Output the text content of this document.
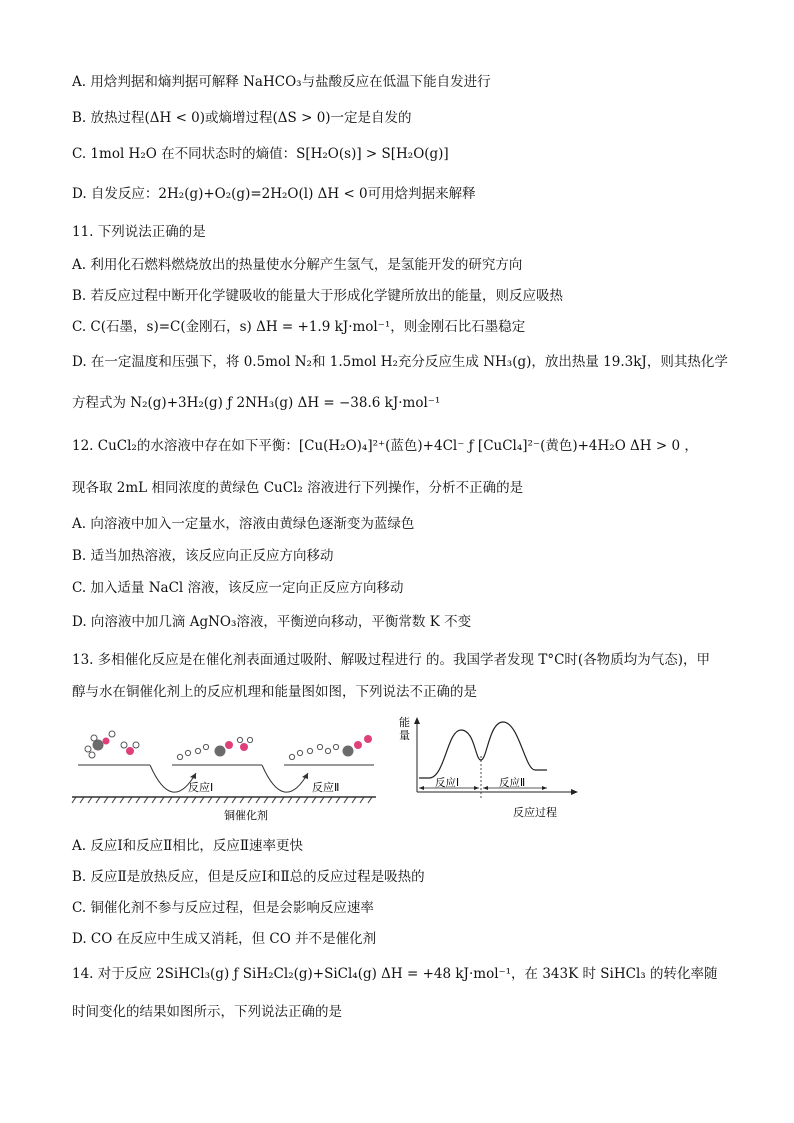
A. 用焓判据和熵判据可解释 NaHCO₃与盐酸反应在低温下能自发进行
B. 放热过程(ΔH < 0)或熵增过程(ΔS > 0)一定是自发的
C. 1mol H₂O 在不同状态时的熵值：S[H₂O(s)] > S[H₂O(g)]
D. 自发反应：2H₂(g)+O₂(g)=2H₂O(l) ΔH < 0可用焓判据来解释
11. 下列说法正确的是
A. 利用化石燃料燃烧放出的热量使水分解产生氢气，是氢能开发的研究方向
B. 若反应过程中断开化学键吸收的能量大于形成化学键所放出的能量，则反应吸热
C. C(石墨，s)=C(金刚石，s) ΔH = +1.9 kJ·mol⁻¹，则金刚石比石墨稳定
D. 在一定温度和压强下，将 0.5mol N₂和 1.5mol H₂充分反应生成 NH₃(g)，放出热量 19.3kJ，则其热化学
方程式为 N₂(g)+3H₂(g) ƒ 2NH₃(g) ΔH = −38.6 kJ·mol⁻¹
12. CuCl₂的水溶液中存在如下平衡：[Cu(H₂O)₄]²⁺(蓝色)+4Cl⁻ ƒ [CuCl₄]²⁻(黄色)+4H₂O ΔH > 0 ，
现各取 2mL 相同浓度的黄绿色 CuCl₂ 溶液进行下列操作，分析不正确的是
A. 向溶液中加入一定量水，溶液由黄绿色逐渐变为蓝绿色
B. 适当加热溶液，该反应向正反应方向移动
C. 加入适量 NaCl 溶液，该反应一定向正反应方向移动
D. 向溶液中加几滴 AgNO₃溶液，平衡逆向移动，平衡常数 K 不变
13. 多相催化反应是在催化剂表面通过吸附、解吸过程进行 的。我国学者发现 T°C时(各物质均为气态)，甲
醇与水在铜催化剂上的反应机理和能量图如图，下列说法不正确的是
反应Ⅰ	反应Ⅱ
铜催化剂
能
量
反应Ⅰ	反应Ⅱ
反应过程
A. 反应Ⅰ和反应Ⅱ相比，反应Ⅱ速率更快
B. 反应Ⅱ是放热反应，但是反应Ⅰ和Ⅱ总的反应过程是吸热的
C. 铜催化剂不参与反应过程，但是会影响反应速率
D. CO 在反应中生成又消耗，但 CO 并不是催化剂
14. 对于反应 2SiHCl₃(g) ƒ SiH₂Cl₂(g)+SiCl₄(g) ΔH = +48 kJ·mol⁻¹，在 343K 时 SiHCl₃ 的转化率随
时间变化的结果如图所示，下列说法正确的是
